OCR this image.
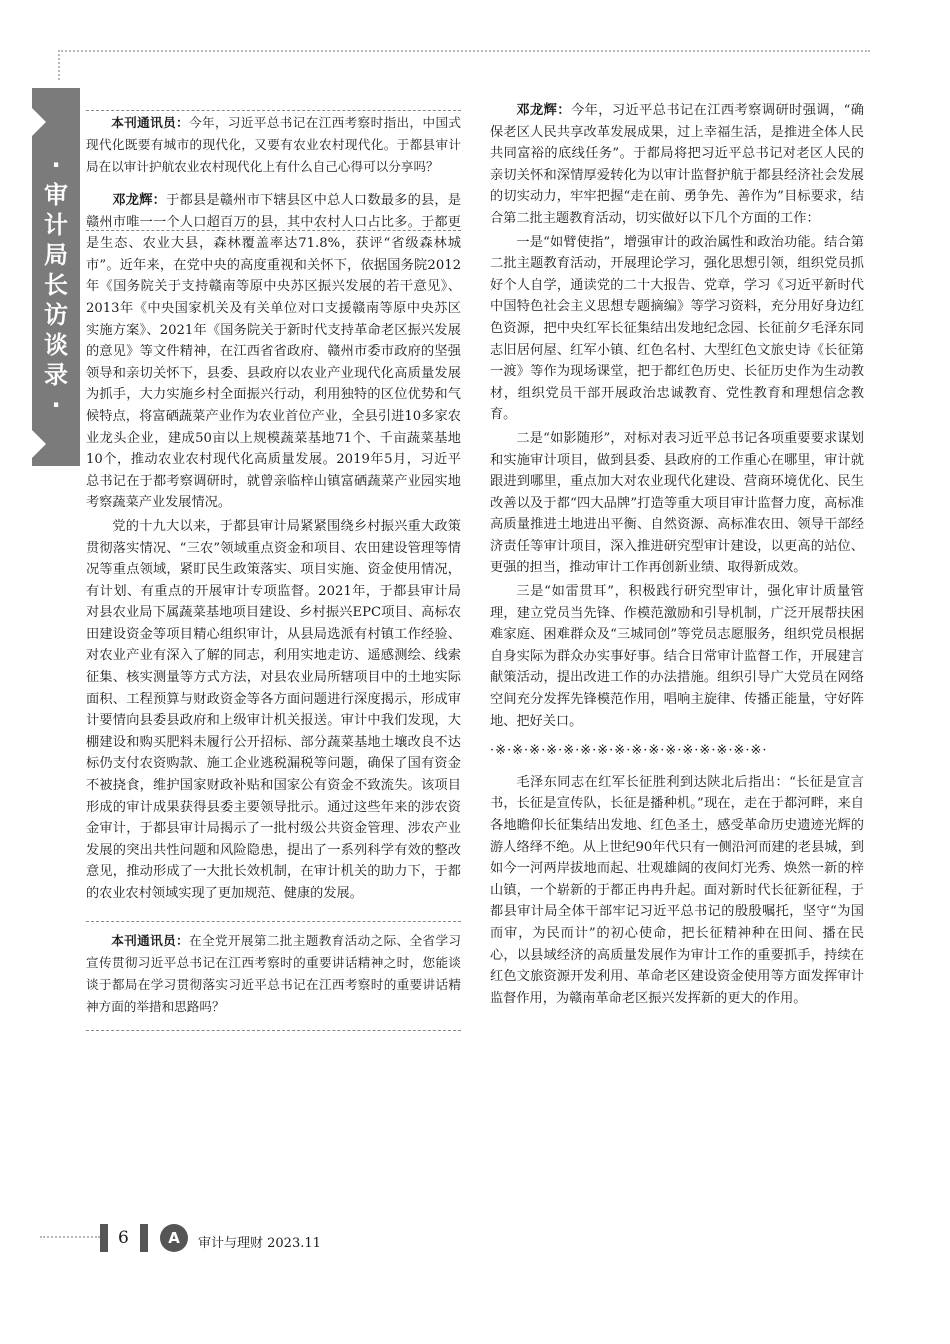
·
审
计
局
长
访
谈
录
·

本刊通讯员：今年，习近平总书记在江西考察时指出，中国式现代化既要有城市的现代化，又要有农业农村现代化。于都县审计局在以审计护航农业农村现代化上有什么自己心得可以分享吗？

邓龙辉：于都县是赣州市下辖县区中总人口数最多的县，是赣州市唯一一个人口超百万的县，其中农村人口占比多。于都更是生态、农业大县，森林覆盖率达71.8%，获评“省级森林城市”。近年来，在党中央的高度重视和关怀下，依据国务院2012年《国务院关于支持赣南等原中央苏区振兴发展的若干意见》、2013年《中央国家机关及有关单位对口支援赣南等原中央苏区实施方案》、2021年《国务院关于新时代支持革命老区振兴发展的意见》等文件精神，在江西省省政府、赣州市委市政府的坚强领导和亲切关怀下，县委、县政府以农业产业现代化高质量发展为抓手，大力实施乡村全面振兴行动，利用独特的区位优势和气候特点，将富硒蔬菜产业作为农业首位产业，全县引进10多家农业龙头企业，建成50亩以上规模蔬菜基地71个、千亩蔬菜基地10个，推动农业农村现代化高质量发展。2019年5月，习近平总书记在于都考察调研时，就曾亲临梓山镇富硒蔬菜产业园实地考察蔬菜产业发展情况。

党的十九大以来，于都县审计局紧紧围绕乡村振兴重大政策贯彻落实情况、“三农”领域重点资金和项目、农田建设管理等情况等重点领域，紧盯民生政策落实、项目实施、资金使用情况，有计划、有重点的开展审计专项监督。2021年，于都县审计局对县农业局下属蔬菜基地项目建设、乡村振兴EPC项目、高标农田建设资金等项目精心组织审计，从县局选派有村镇工作经验、对农业产业有深入了解的同志，利用实地走访、遥感测绘、线索征集、核实测量等方式方法，对县农业局所辖项目中的土地实际面积、工程预算与财政资金等各方面问题进行深度揭示，形成审计要情向县委县政府和上级审计机关报送。审计中我们发现，大棚建设和购买肥料未履行公开招标、部分蔬菜基地土壤改良不达标仍支付农资购款、施工企业逃税漏税等问题，确保了国有资金不被挠食，维护国家财政补贴和国家公有资金不致流失。该项目形成的审计成果获得县委主要领导批示。通过这些年来的涉农资金审计，于都县审计局揭示了一批村级公共资金管理、涉农产业发展的突出共性问题和风险隐患，提出了一系列科学有效的整改意见，推动形成了一大批长效机制，在审计机关的助力下，于都的农业农村领域实现了更加规范、健康的发展。

本刊通讯员：在全党开展第二批主题教育活动之际、全省学习宣传贯彻习近平总书记在江西考察时的重要讲话精神之时，您能谈谈于都局在学习贯彻落实习近平总书记在江西考察时的重要讲话精神方面的举措和思路吗？

邓龙辉：今年，习近平总书记在江西考察调研时强调，“确保老区人民共享改革发展成果，过上幸福生活，是推进全体人民共同富裕的底线任务”。于都局将把习近平总书记对老区人民的亲切关怀和深情厚爱转化为以审计监督护航于都县经济社会发展的切实动力，牢牢把握“走在前、勇争先、善作为”目标要求，结合第二批主题教育活动，切实做好以下几个方面的工作：

一是“如臂使指”，增强审计的政治属性和政治功能。结合第二批主题教育活动，开展理论学习，强化思想引领，组织党员抓好个人自学，通读党的二十大报告、党章，学习《习近平新时代中国特色社会主义思想专题摘编》等学习资料，充分用好身边红色资源，把中央红军长征集结出发地纪念园、长征前夕毛泽东同志旧居何屋、红军小镇、红色名村、大型红色文旅史诗《长征第一渡》等作为现场课堂，把于都红色历史、长征历史作为生动教材，组织党员干部开展政治忠诚教育、党性教育和理想信念教育。

二是“如影随形”，对标对表习近平总书记各项重要要求谋划和实施审计项目，做到县委、县政府的工作重心在哪里，审计就跟进到哪里，重点加大对农业现代化建设、营商环境优化、民生改善以及于都“四大品牌”打造等重大项目审计监督力度，高标准高质量推进土地进出平衡、自然资源、高标准农田、领导干部经济责任等审计项目，深入推进研究型审计建设，以更高的站位、更强的担当，推动审计工作再创新业绩、取得新成效。

三是“如雷贯耳”，积极践行研究型审计，强化审计质量管理，建立党员当先锋、作模范激励和引导机制，广泛开展帮扶困难家庭、困难群众及“三城同创”等党员志愿服务，组织党员根据自身实际为群众办实事好事。结合日常审计监督工作，开展建言献策活动，提出改进工作的办法措施。组织引导广大党员在网络空间充分发挥先锋模范作用，唱响主旋律、传播正能量，守好阵地、把好关口。

·※·※·※·※·※·※·※·※·※·※·※·※·※·※·※·※·

毛泽东同志在红军长征胜利到达陕北后指出：“长征是宣言书，长征是宣传队，长征是播种机。”现在，走在于都河畔，来自各地瞻仰长征集结出发地、红色圣土，感受革命历史遗迹光辉的游人络绎不绝。从上世纪90年代只有一侧沿河而建的老县城，到如今一河两岸拔地而起、壮观雄阔的夜间灯光秀、焕然一新的梓山镇，一个崭新的于都正冉冉升起。面对新时代长征新征程，于都县审计局全体干部牢记习近平总书记的殷殷嘱托，坚守“为国而审，为民而计”的初心使命，把长征精神种在田间、播在民心，以县域经济的高质量发展作为审计工作的重要抓手，持续在红色文旅资源开发利用、革命老区建设资金使用等方面发挥审计监督作用，为赣南革命老区振兴发挥新的更大的作用。

6	A	审计与理财 2023.11
